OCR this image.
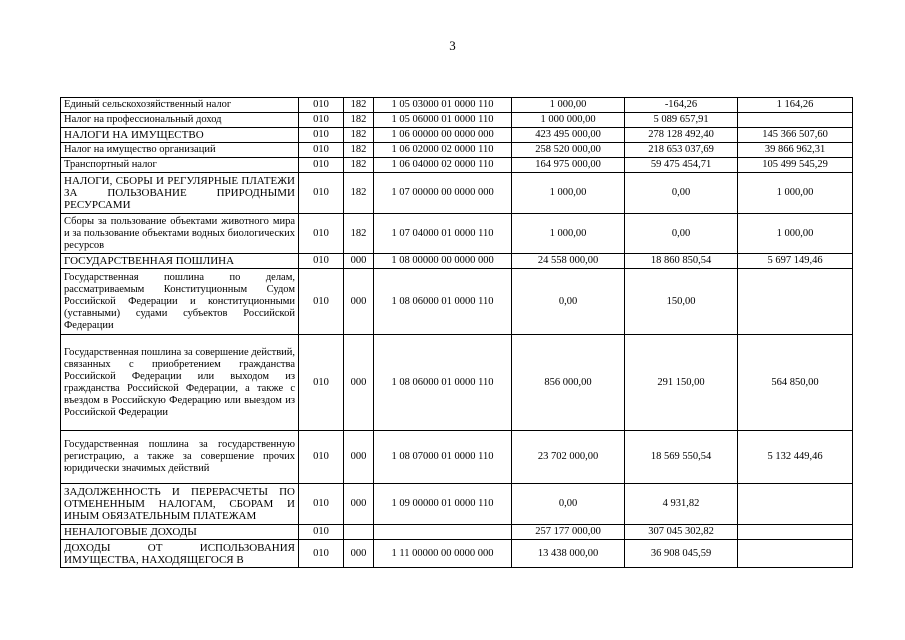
3
Единый сельскохозяйственный налог	010	182	1 05 03000 01 0000 110	1 000,00	-164,26	1 164,26
Налог на профессиональный доход	010	182	1 05 06000 01 0000 110	1 000 000,00	5 089 657,91	
НАЛОГИ НА ИМУЩЕСТВО	010	182	1 06 00000 00 0000 000	423 495 000,00	278 128 492,40	145 366 507,60
Налог на имущество организаций	010	182	1 06 02000 02 0000 110	258 520 000,00	218 653 037,69	39 866 962,31
Транспортный налог	010	182	1 06 04000 02 0000 110	164 975 000,00	59 475 454,71	105 499 545,29
НАЛОГИ, СБОРЫ И РЕГУЛЯРНЫЕ ПЛАТЕЖИ ЗА ПОЛЬЗОВАНИЕ ПРИРОДНЫМИ РЕСУРСАМИ	010	182	1 07 00000 00 0000 000	1 000,00	0,00	1 000,00
Сборы за пользование объектами животного мира и за пользование объектами водных биологических ресурсов	010	182	1 07 04000 01 0000 110	1 000,00	0,00	1 000,00
ГОСУДАРСТВЕННАЯ ПОШЛИНА	010	000	1 08 00000 00 0000 000	24 558 000,00	18 860 850,54	5 697 149,46
Государственная пошлина по делам, рассматриваемым Конституционным Судом Российской Федерации и конституционными (уставными) судами субъектов Российской Федерации	010	000	1 08 06000 01 0000 110	0,00	150,00	
Государственная пошлина за совершение действий, связанных с приобретением гражданства Российской Федерации или выходом из гражданства Российской Федерации, а также с въездом в Российскую Федерацию или выездом из Российской Федерации	010	000	1 08 06000 01 0000 110	856 000,00	291 150,00	564 850,00
Государственная пошлина за государственную регистрацию, а также за совершение прочих юридически значимых действий	010	000	1 08 07000 01 0000 110	23 702 000,00	18 569 550,54	5 132 449,46
ЗАДОЛЖЕННОСТЬ И ПЕРЕРАСЧЕТЫ ПО ОТМЕНЕННЫМ НАЛОГАМ, СБОРАМ И ИНЫМ ОБЯЗАТЕЛЬНЫМ ПЛАТЕЖАМ	010	000	1 09 00000 01 0000 110	0,00	4 931,82	
НЕНАЛОГОВЫЕ ДОХОДЫ	010			257 177 000,00	307 045 302,82	
ДОХОДЫ ОТ ИСПОЛЬЗОВАНИЯ ИМУЩЕСТВА, НАХОДЯЩЕГОСЯ В	010	000	1 11 00000 00 0000 000	13 438 000,00	36 908 045,59	
